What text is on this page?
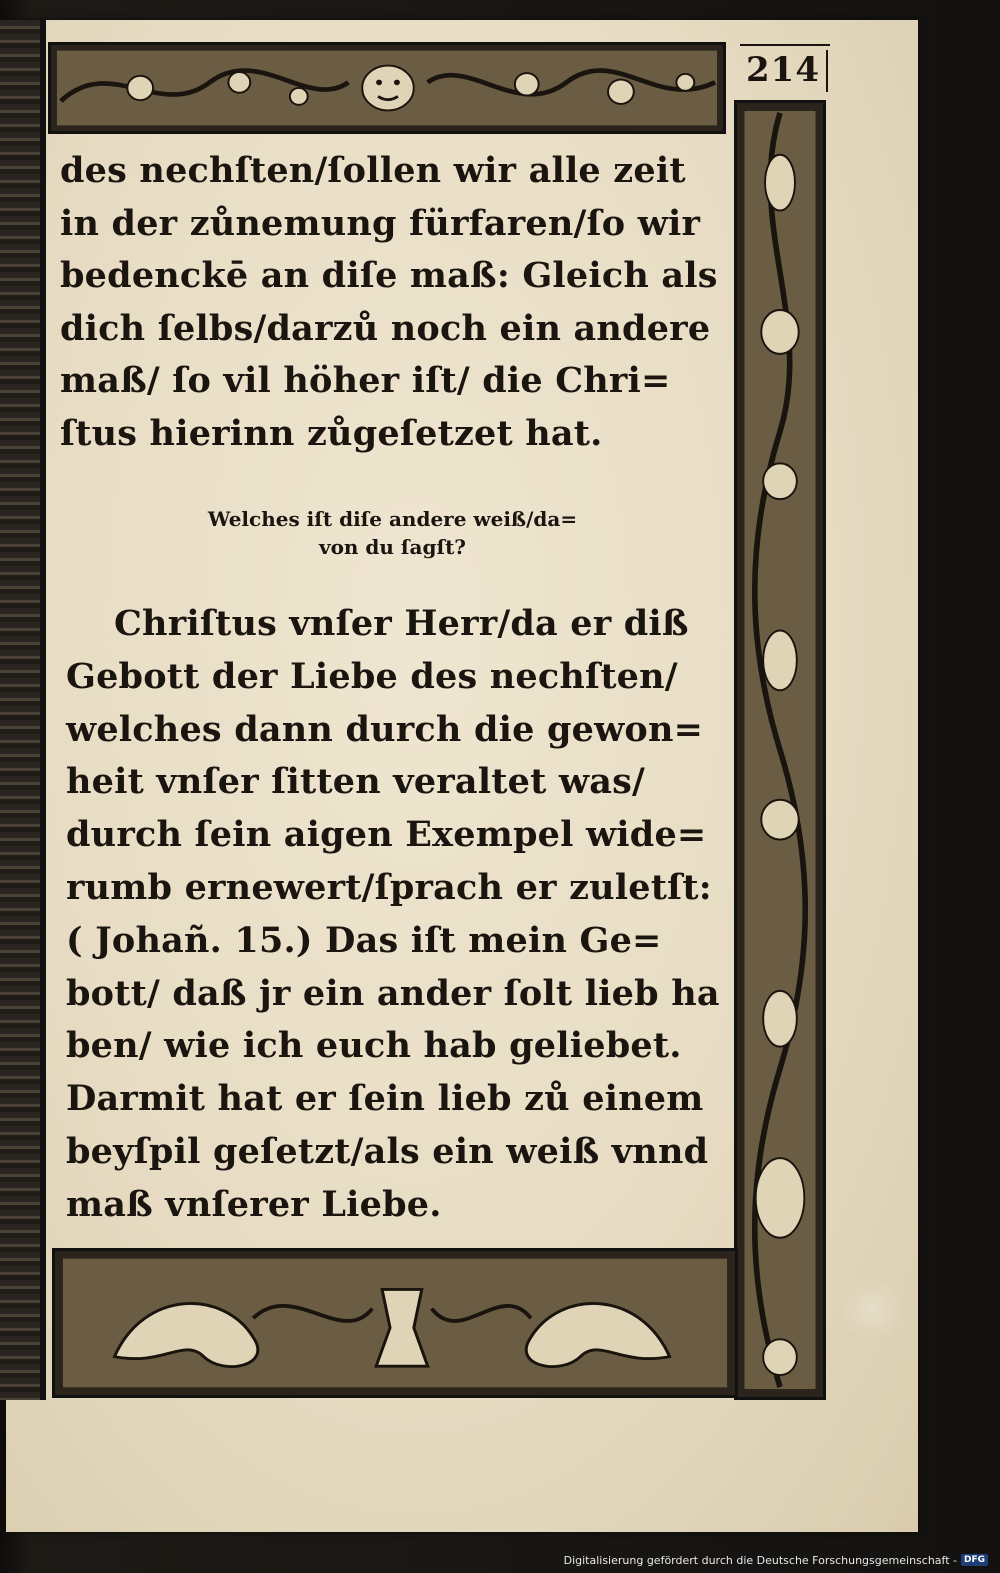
214
des nechſten/ſollen wir alle zeit
in der zůnemung fürfaren/ſo wir
bedenckē an diſe maß: Gleich als
dich ſelbs/darzů noch ein andere
maß/ ſo vil höher iſt/ die Chri=
ſtus hierinn zůgeſetzet hat.
Welches iſt diſe andere weiß/da=
von du ſagſt?
Chriſtus vnſer Herr/da er diß
Gebott der Liebe des nechſten/
welches dann durch die gewon=
heit vnſer ſitten veraltet was/
durch ſein aigen Exempel wide=
rumb ernewert/ſprach er zuletſt:
( Johañ. 15.) Das iſt mein Ge=
bott/ daß jr ein ander ſolt lieb ha
ben/ wie ich euch hab geliebet.
Darmit hat er ſein lieb zů einem
beyſpil geſetzt/als ein weiß vnnd
maß vnſerer Liebe.
Digitalisierung gefördert durch die Deutsche Forschungsgemeinschaft - DFG
